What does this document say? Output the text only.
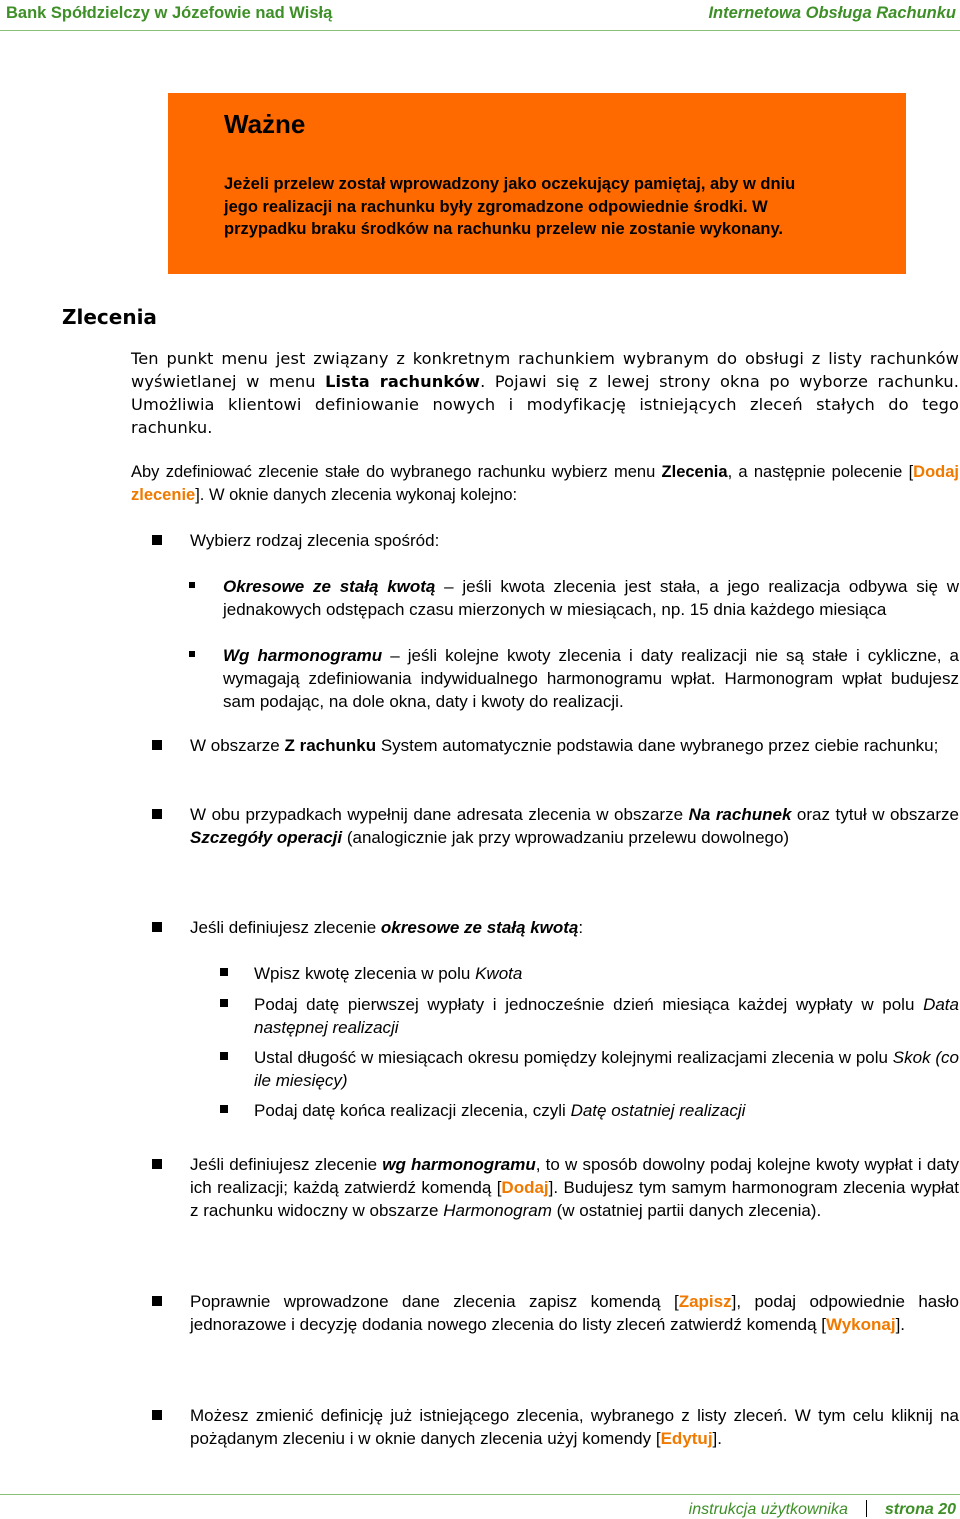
Bank Spółdzielczy w Józefowie nad Wisłą	Internetowa Obsługa Rachunku
Ważne

Jeżeli przelew został wprowadzony jako oczekujący pamiętaj, aby w dniu jego realizacji na rachunku były zgromadzone odpowiednie środki. W przypadku braku środków na rachunku przelew nie zostanie wykonany.

Zlecenia

Ten punkt menu jest związany z konkretnym rachunkiem wybranym do obsługi z listy rachunków wyświetlanej w menu Lista rachunków. Pojawi się z lewej strony okna po wyborze rachunku. Umożliwia klientowi definiowanie nowych i modyfikację istniejących zleceń stałych do tego rachunku.

Aby zdefiniować zlecenie stałe do wybranego rachunku wybierz menu Zlecenia, a następnie polecenie [Dodaj zlecenie]. W oknie danych zlecenia wykonaj kolejno:

Wybierz rodzaj zlecenia spośród:

Okresowe ze stałą kwotą – jeśli kwota zlecenia jest stała, a jego realizacja odbywa się w jednakowych odstępach czasu mierzonych w miesiącach, np. 15 dnia każdego miesiąca

Wg harmonogramu – jeśli kolejne kwoty zlecenia i daty realizacji nie są stałe i cykliczne, a wymagają zdefiniowania indywidualnego harmonogramu wpłat. Harmonogram wpłat budujesz sam podając, na dole okna, daty i kwoty do realizacji.

W obszarze Z rachunku System automatycznie podstawia dane wybranego przez ciebie rachunku;

W obu przypadkach wypełnij dane adresata zlecenia w obszarze Na rachunek oraz tytuł w obszarze Szczegóły operacji (analogicznie jak przy wprowadzaniu przelewu dowolnego)

Jeśli definiujesz zlecenie okresowe ze stałą kwotą:

Wpisz kwotę zlecenia w polu Kwota

Podaj datę pierwszej wypłaty i jednocześnie dzień miesiąca każdej wypłaty w polu Data następnej realizacji

Ustal długość w miesiącach okresu pomiędzy kolejnymi realizacjami zlecenia w polu Skok (co ile miesięcy)

Podaj datę końca realizacji zlecenia, czyli Datę ostatniej realizacji

Jeśli definiujesz zlecenie wg harmonogramu, to w sposób dowolny podaj kolejne kwoty wypłat i daty ich realizacji; każdą zatwierdź komendą [Dodaj]. Budujesz tym samym harmonogram zlecenia wypłat z rachunku widoczny w obszarze Harmonogram (w ostatniej partii danych zlecenia).

Poprawnie wprowadzone dane zlecenia zapisz komendą [Zapisz], podaj odpowiednie hasło jednorazowe i decyzję dodania nowego zlecenia do listy zleceń zatwierdź komendą [Wykonaj].

Możesz zmienić definicję już istniejącego zlecenia, wybranego z listy zleceń. W tym celu kliknij na pożądanym zleceniu i w oknie danych zlecenia użyj komendy [Edytuj].

instrukcja użytkownika strona 20
